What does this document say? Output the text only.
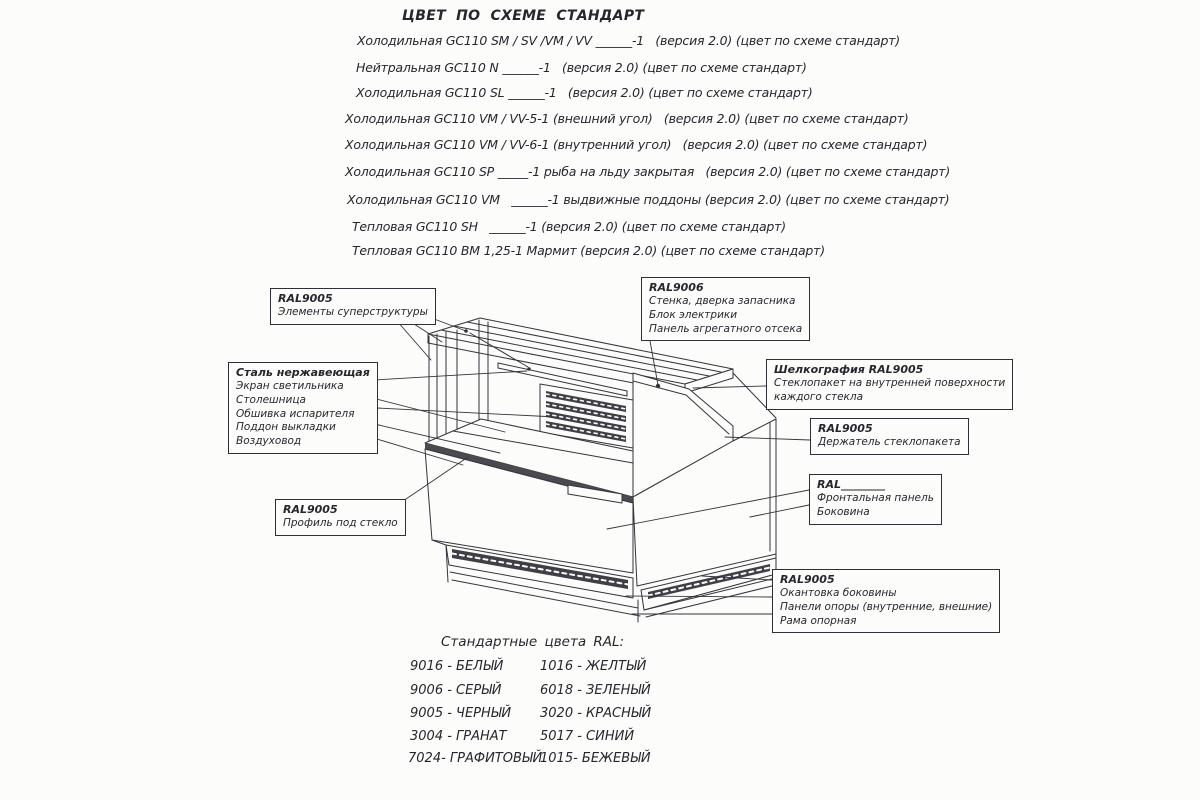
ЦВЕТ ПО СХЕМЕ СТАНДАРТ
Холодильная GC110 SM / SV /VM / VV ______-1   (версия 2.0) (цвет по схеме стандарт)
Нейтральная GC110 N ______-1   (версия 2.0) (цвет по схеме стандарт)
Холодильная GC110 SL ______-1   (версия 2.0) (цвет по схеме стандарт)
Холодильная GC110 VM / VV-5-1 (внешний угол)   (версия 2.0) (цвет по схеме стандарт)
Холодильная GC110 VM / VV-6-1 (внутренний угол)   (версия 2.0) (цвет по схеме стандарт)
Холодильная GC110 SP _____-1 рыба на льду закрытая   (версия 2.0) (цвет по схеме стандарт)
Холодильная GC110 VM   ______-1 выдвижные поддоны (версия 2.0) (цвет по схеме стандарт)
Тепловая GC110 SH   ______-1 (версия 2.0) (цвет по схеме стандарт)
Тепловая GC110 BM 1,25-1 Мармит (версия 2.0) (цвет по схеме стандарт)
RAL9005
Элементы суперструктуры
RAL9006
Стенка, дверка запасника
Блок электрики
Панель агрегатного отсека
Сталь нержавеющая
Экран светильника
Столешница
Обшивка испарителя
Поддон выкладки
Воздуховод
Шелкография RAL9005
Стеклопакет на внутренней поверхности
каждого стекла
RAL9005
Держатель стеклопакета
RAL________
Фронтальная панель
Боковина
RAL9005
Профиль под стекло
RAL9005
Окантовка боковины
Панели опоры (внутренние, внешние)
Рама опорная
Стандартные цвета RAL:
9016 - БЕЛЫЙ
9006 - СЕРЫЙ
9005 - ЧЕРНЫЙ
3004 - ГРАНАТ
7024- ГРАФИТОВЫЙ
1016 - ЖЕЛТЫЙ
6018 - ЗЕЛЕНЫЙ
3020 - КРАСНЫЙ
5017 - СИНИЙ
1015- БЕЖЕВЫЙ
